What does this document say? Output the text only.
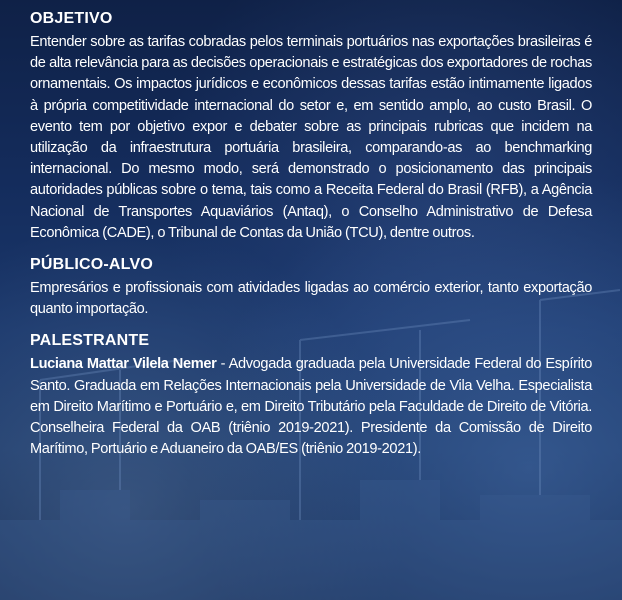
OBJETIVO

Entender sobre as tarifas cobradas pelos terminais portuários nas exportações brasileiras é de alta relevância para as decisões operacionais e estratégicas dos exportadores de rochas ornamentais. Os impactos jurídicos e econômicos dessas tarifas estão intimamente ligados à própria competitividade internacional do setor e, em sentido amplo, ao custo Brasil. O evento tem por objetivo expor e debater sobre as principais rubricas que incidem na utilização da infraestrutura portuária brasileira, comparando-as ao benchmarking internacional. Do mesmo modo, será demonstrado o posicionamento das principais autoridades públicas sobre o tema, tais como a Receita Federal do Brasil (RFB), a Agência Nacional de Transportes Aquaviários (Antaq), o Conselho Administrativo de Defesa Econômica (CADE), o Tribunal de Contas da União (TCU), dentre outros.

PÚBLICO-ALVO

Empresários e profissionais com atividades ligadas ao comércio exterior, tanto exportação quanto importação.

PALESTRANTE

Luciana Mattar Vilela Nemer - Advogada graduada pela Universidade Federal do Espírito Santo. Graduada em Relações Internacionais pela Universidade de Vila Velha. Especialista em Direito Marítimo e Portuário e, em Direito Tributário pela Faculdade de Direito de Vitória. Conselheira Federal da OAB (triênio 2019-2021). Presidente da Comissão de Direito Marítimo, Portuário e Aduaneiro da OAB/ES (triênio 2019-2021).
